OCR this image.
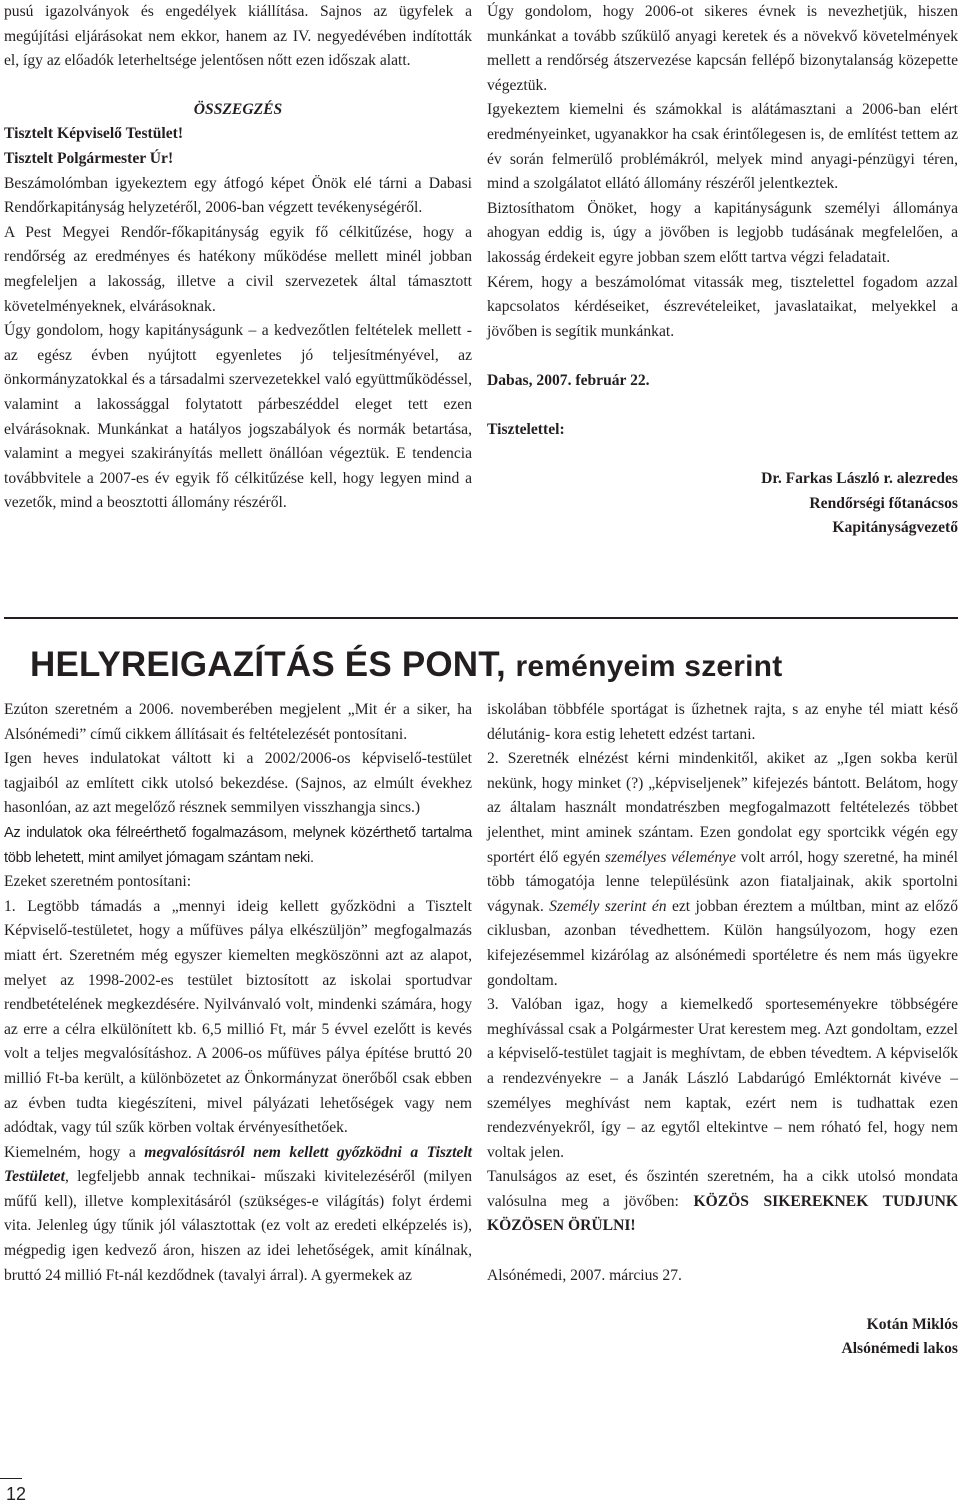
pusú igazolványok és engedélyek kiállítása. Sajnos az ügyfelek a megújítási eljárásokat nem ekkor, hanem az IV. negyedévében indították el, így az előadók leterheltsége jelentősen nőtt ezen időszak alatt.

ÖSSZEGZÉS

Tisztelt Képviselő Testület!

Tisztelt Polgármester Úr!

Beszámolómban igyekeztem egy átfogó képet Önök elé tárni a Dabasi Rendőrkapitányság helyzetéről, 2006-ban végzett tevékenységéről.

A Pest Megyei Rendőr-főkapitányság egyik fő célkitűzése, hogy a rendőrség az eredményes és hatékony működése mellett minél jobban megfeleljen a lakosság, illetve a civil szervezetek által támasztott követelményeknek, elvárásoknak.

Úgy gondolom, hogy kapitányságunk – a kedvezőtlen feltételek mellett - az egész évben nyújtott egyenletes jó teljesítményével, az önkormányzatokkal és a társadalmi szervezetekkel való együttműködéssel, valamint a lakossággal folytatott párbeszéddel eleget tett ezen elvárásoknak. Munkánkat a hatályos jogszabályok és normák betartása, valamint a megyei szakirányítás mellett önállóan végeztük. E tendencia továbbvitele a 2007-es év egyik fő célkitűzése kell, hogy legyen mind a vezetők, mind a beosztotti állomány részéről.

Úgy gondolom, hogy 2006-ot sikeres évnek is nevezhetjük, hiszen munkánkat a tovább szűkülő anyagi keretek és a növekvő követelmények mellett a rendőrség átszervezése kapcsán fellépő bizonytalanság közepette végeztük.

Igyekeztem kiemelni és számokkal is alátámasztani a 2006-ban elért eredményeinket, ugyanakkor ha csak érintőlegesen is, de említést tettem az év során felmerülő problémákról, melyek mind anyagi-pénzügyi téren, mind a szolgálatot ellátó állomány részéről jelentkeztek.

Biztosíthatom Önöket, hogy a kapitányságunk személyi állománya ahogyan eddig is, úgy a jövőben is legjobb tudásának megfelelően, a lakosság érdekeit egyre jobban szem előtt tartva végzi feladatait.

Kérem, hogy a beszámolómat vitassák meg, tisztelettel fogadom azzal kapcsolatos kérdéseiket, észrevételeiket, javaslataikat, melyekkel a jövőben is segítik munkánkat.

Dabas, 2007. február 22.

Tisztelettel:

Dr. Farkas László r. alezredes

Rendőrségi főtanácsos

Kapitányságvezető

HELYREIGAZÍTÁS ÉS PONT, reményeim szerint

Ezúton szeretném a 2006. novemberében megjelent „Mit ér a siker, ha Alsónémedi” című cikkem állításait és feltételezését pontosítani.

Igen heves indulatokat váltott ki a 2002/2006-os képviselő-testület tagjaiból az említett cikk utolsó bekezdése. (Sajnos, az elmúlt évekhez hasonlóan, az azt megelőző résznek semmilyen visszhangja sincs.)

Az indulatok oka félreérthető fogalmazásom, melynek közérthető tartalma több lehetett, mint amilyet jómagam szántam neki.

Ezeket szeretném pontosítani:

1. Legtöbb támadás a „mennyi ideig kellett győzködni a Tisztelt Képviselő-testületet, hogy a műfüves pálya elkészüljön” megfogalmazás miatt ért. Szeretném még egyszer kiemelten megköszönni azt az alapot, melyet az 1998-2002-es testület biztosított az iskolai sportudvar rendbetételének megkezdésére. Nyilvánvaló volt, mindenki számára, hogy az erre a célra elkülönített kb. 6,5 millió Ft, már 5 évvel ezelőtt is kevés volt a teljes megvalósításhoz. A 2006-os műfüves pálya építése bruttó 20 millió Ft-ba került, a különbözetet az Önkormányzat önerőből csak ebben az évben tudta kiegészíteni, mivel pályázati lehetőségek vagy nem adódtak, vagy túl szűk körben voltak érvényesíthetőek.

Kiemelném, hogy a megvalósításról nem kellett győzködni a Tisztelt Testületet, legfeljebb annak technikai- műszaki kivitelezéséről (milyen műfű kell), illetve komplexitásáról (szükséges-e világítás) folyt érdemi vita. Jelenleg úgy tűnik jól választottak (ez volt az eredeti elképzelés is), mégpedig igen kedvező áron, hiszen az idei lehetőségek, amit kínálnak, bruttó 24 millió Ft-nál kezdődnek (tavalyi árral). A gyermekek az

iskolában többféle sportágat is űzhetnek rajta, s az enyhe tél miatt késő délutánig- kora estig lehetett edzést tartani.

2. Szeretnék elnézést kérni mindenkitől, akiket az „Igen sokba kerül nekünk, hogy minket (?) „képviseljenek” kifejezés bántott. Belátom, hogy az általam használt mondatrészben megfogalmazott feltételezés többet jelenthet, mint aminek szántam. Ezen gondolat egy sportcikk végén egy sportért élő egyén személyes véleménye volt arról, hogy szeretné, ha minél több támogatója lenne településünk azon fiataljainak, akik sportolni vágynak. Személy szerint én ezt jobban éreztem a múltban, mint az előző ciklusban, azonban tévedhettem. Külön hangsúlyozom, hogy ezen kifejezésemmel kizárólag az alsónémedi sportéletre és nem más ügyekre gondoltam.

3. Valóban igaz, hogy a kiemelkedő sporteseményekre többségére meghívással csak a Polgármester Urat kerestem meg. Azt gondoltam, ezzel a képviselő-testület tagjait is meghívtam, de ebben tévedtem. A képviselők a rendezvényekre – a Janák László Labdarúgó Emléktornát kivéve – személyes meghívást nem kaptak, ezért nem is tudhattak ezen rendezvényekről, így – az egytől eltekintve – nem róható fel, hogy nem voltak jelen.

Tanulságos az eset, és őszintén szeretném, ha a cikk utolsó mondata valósulna meg a jövőben: KÖZÖS SIKEREKNEK TUDJUNK KÖZÖSEN ÖRÜLNI!

Alsónémedi, 2007. március 27.

Kotán Miklós

Alsónémedi lakos

12
